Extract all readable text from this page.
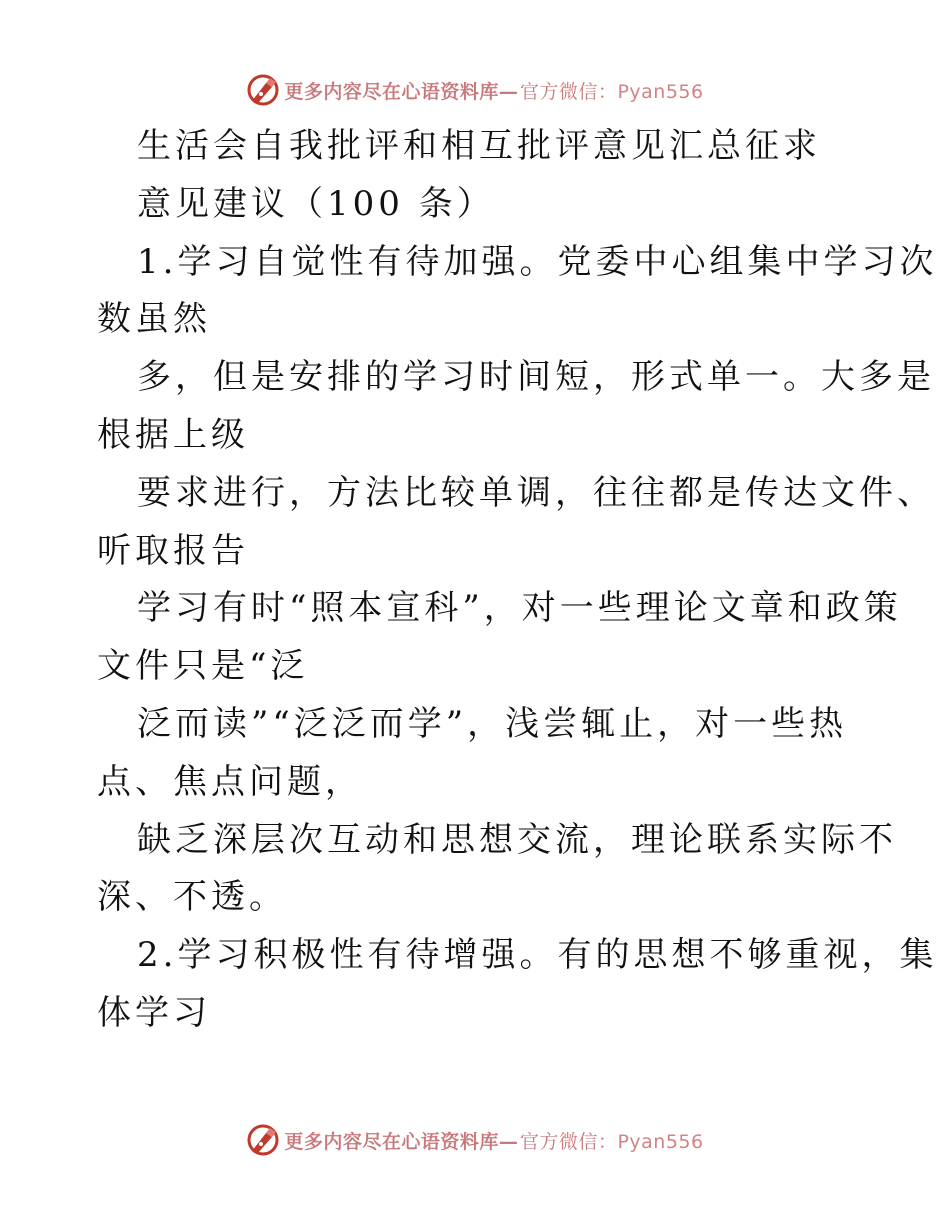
更多内容尽在心语资料库— 官方微信：Pyan556
生活会自我批评和相互批评意见汇总征求
意见建议（100 条）
1.学习自觉性有待加强。党委中心组集中学习次
数虽然
多，但是安排的学习时间短，形式单一。大多是
根据上级
要求进行，方法比较单调，往往都是传达文件、
听取报告
学习有时“照本宣科”，对一些理论文章和政策
文件只是“泛
泛而读”“泛泛而学”，浅尝辄止，对一些热
点、焦点问题，
缺乏深层次互动和思想交流，理论联系实际不
深、不透。
2.学习积极性有待增强。有的思想不够重视，集
体学习
更多内容尽在心语资料库— 官方微信：Pyan556
